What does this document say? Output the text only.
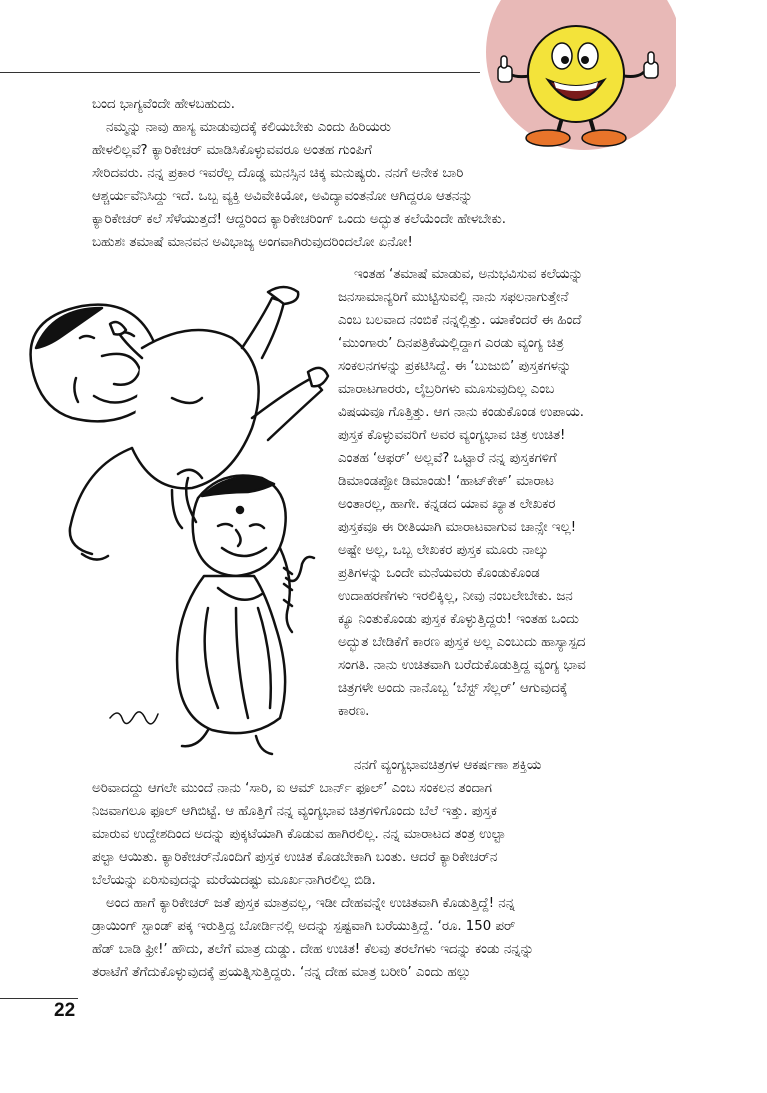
ಬಂದ ಭಾಗ್ಯವೆಂದೇ ಹೇಳಬಹುದು.
ನಮ್ಮನ್ನು ನಾವು ಹಾಸ್ಯ ಮಾಡುವುದಕ್ಕೆ ಕಲಿಯಬೇಕು ಎಂದು ಹಿರಿಯರು
ಹೇಳಲಿಲ್ಲವೆ? ಕ್ಯಾರಿಕೇಚರ್ ಮಾಡಿಸಿಕೊಳ್ಳುವವರೂ ಅಂತಹ ಗುಂಪಿಗೆ
ಸೇರಿದವರು. ನನ್ನ ಪ್ರಕಾರ ಇವರೆಲ್ಲ ದೊಡ್ಡ ಮನಸ್ಸಿನ ಚಿಕ್ಕ ಮನುಷ್ಯರು. ನನಗೆ ಅನೇಕ ಬಾರಿ
ಆಶ್ಚರ್ಯವೆನಿಸಿದ್ದು ಇದೆ. ಒಬ್ಬ ವ್ಯಕ್ತಿ ಅವಿವೇಕಿಯೋ, ಅವಿದ್ಯಾವಂತನೋ ಆಗಿದ್ದರೂ ಆತನನ್ನು
ಕ್ಯಾರಿಕೇಚರ್ ಕಲೆ ಸೆಳೆಯುತ್ತದೆ! ಆದ್ದರಿಂದ ಕ್ಯಾರಿಕೇಚರಿಂಗ್ ಒಂದು ಅದ್ಭುತ ಕಲೆಯೆಂದೇ ಹೇಳಬೇಕು.
ಬಹುಶಃ ತಮಾಷೆ ಮಾನವನ ಅವಿಭಾಜ್ಯ ಅಂಗವಾಗಿರುವುದರಿಂದಲೋ ಏನೋ!
ಇಂತಹ ‘ತಮಾಷೆ ಮಾಡುವ, ಅನುಭವಿಸುವ ಕಲೆಯನ್ನು
ಜನಸಾಮಾನ್ಯರಿಗೆ ಮುಟ್ಟಿಸುವಲ್ಲಿ ನಾನು ಸಫಲನಾಗುತ್ತೇನೆ
ಎಂಬ ಬಲವಾದ ನಂಬಿಕೆ ನನ್ನಲ್ಲಿತ್ತು. ಯಾಕೆಂದರೆ ಈ ಹಿಂದೆ
‘ಮುಂಗಾರು’ ದಿನಪತ್ರಿಕೆಯಲ್ಲಿದ್ದಾಗ ಎರಡು ವ್ಯಂಗ್ಯ ಚಿತ್ರ
ಸಂಕಲನಗಳನ್ನು ಪ್ರಕಟಿಸಿದ್ದೆ. ಈ ‘ಬುಜುಬಿ’ ಪುಸ್ತಕಗಳನ್ನು
ಮಾರಾಟಗಾರರು, ಲೈಬ್ರರಿಗಳು ಮೂಸುವುದಿಲ್ಲ ಎಂಬ
ವಿಷಯವೂ ಗೊತ್ತಿತ್ತು. ಆಗ ನಾನು ಕಂಡುಕೊಂಡ ಉಪಾಯ.
ಪುಸ್ತಕ ಕೊಳ್ಳುವವರಿಗೆ ಅವರ ವ್ಯಂಗ್ಯಭಾವ ಚಿತ್ರ ಉಚಿತ!
ಎಂತಹ ‘ಆಫರ್’ ಅಲ್ಲವೆ? ಒಟ್ಟಾರೆ ನನ್ನ ಪುಸ್ತಕಗಳಿಗೆ
ಡಿಮಾಂಡಪ್ಪೋ ಡಿಮಾಂಡು! ‘ಹಾಟ್‌ಕೇಕ್’ ಮಾರಾಟ
ಅಂತಾರಲ್ಲ, ಹಾಗೇ. ಕನ್ನಡದ ಯಾವ ಖ್ಯಾತ ಲೇಖಕರ
ಪುಸ್ತಕವೂ ಈ ರೀತಿಯಾಗಿ ಮಾರಾಟವಾಗುವ ಚಾನ್ಸೇ ಇಲ್ಲ!
ಅಷ್ಟೇ ಅಲ್ಲ, ಒಬ್ಬ ಲೇಖಕರ ಪುಸ್ತಕ ಮೂರು ನಾಲ್ಕು
ಪ್ರತಿಗಳನ್ನು ಒಂದೇ ಮನೆಯವರು ಕೊಂಡುಕೊಂಡ
ಉದಾಹರಣೆಗಳು ಇರಲಿಕ್ಕಿಲ್ಲ, ನೀವು ನಂಬಲೇಬೇಕು. ಜನ
ಕ್ಯೂ ನಿಂತುಕೊಂಡು ಪುಸ್ತಕ ಕೊಳ್ಳುತ್ತಿದ್ದರು! ಇಂತಹ ಒಂದು
ಅದ್ಭುತ ಬೇಡಿಕೆಗೆ ಕಾರಣ ಪುಸ್ತಕ ಅಲ್ಲ ಎಂಬುದು ಹಾಸ್ಯಾಸ್ಪದ
ಸಂಗತಿ. ನಾನು ಉಚಿತವಾಗಿ ಬರೆದುಕೊಡುತ್ತಿದ್ದ ವ್ಯಂಗ್ಯ ಭಾವ
ಚಿತ್ರಗಳೇ ಅಂದು ನಾನೊಬ್ಬ ‘ಬೆಸ್ಟ್ ಸೆಲ್ಲರ್’ ಆಗುವುದಕ್ಕೆ
ಕಾರಣ.
ನನಗೆ ವ್ಯಂಗ್ಯಭಾವಚಿತ್ರಗಳ ಆಕರ್ಷಣಾ ಶಕ್ತಿಯ
ಅರಿವಾದದ್ದು ಆಗಲೇ ಮುಂದೆ ನಾನು ‘ಸಾರಿ, ಐ ಆಮ್ ಬಾರ್ನ್ ಫೂಲ್’ ಎಂಬ ಸಂಕಲನ ತಂದಾಗ
ನಿಜವಾಗಲೂ ಫೂಲ್ ಆಗಿಬಿಟ್ಟೆ. ಆ ಹೊತ್ತಿಗೆ ನನ್ನ ವ್ಯಂಗ್ಯಭಾವ ಚಿತ್ರಗಳಿಗೊಂದು ಬೆಲೆ ಇತ್ತು. ಪುಸ್ತಕ
ಮಾರುವ ಉದ್ದೇಶದಿಂದ ಅದನ್ನು ಪುಕ್ಕಟೆಯಾಗಿ ಕೊಡುವ ಹಾಗಿರಲಿಲ್ಲ. ನನ್ನ ಮಾರಾಟದ ತಂತ್ರ ಉಲ್ಟಾ
ಪಲ್ಟಾ ಆಯಿತು. ಕ್ಯಾರಿಕೇಚರ್‌ನೊಂದಿಗೆ ಪುಸ್ತಕ ಉಚಿತ ಕೊಡಬೇಕಾಗಿ ಬಂತು. ಆದರೆ ಕ್ಯಾರಿಕೇಚರ್‌ನ
ಬೆಲೆಯನ್ನು ಏರಿಸುವುದನ್ನು ಮರೆಯದಷ್ಟು ಮೂರ್ಖನಾಗಿರಲಿಲ್ಲ ಬಿಡಿ.
ಅಂದ ಹಾಗೆ ಕ್ಯಾರಿಕೇಚರ್ ಜತೆ ಪುಸ್ತಕ ಮಾತ್ರವಲ್ಲ, ಇಡೀ ದೇಹವನ್ನೇ ಉಚಿತವಾಗಿ ಕೊಡುತ್ತಿದ್ದೆ! ನನ್ನ
ಡ್ರಾಯಿಂಗ್ ಸ್ಟಾಂಡ್ ಪಕ್ಕ ಇರುತ್ತಿದ್ದ ಬೋರ್ಡಿನಲ್ಲಿ ಅದನ್ನು ಸ್ಪಷ್ಟವಾಗಿ ಬರೆಯುತ್ತಿದ್ದೆ. ‘ರೂ. 150 ಪರ್
ಹೆಡ್ ಬಾಡಿ ಫ್ರೀ!’ ಹೌದು, ತಲೆಗೆ ಮಾತ್ರ ದುಡ್ಡು. ದೇಹ ಉಚಿತ! ಕೆಲವು ತರಲೆಗಳು ಇದನ್ನು ಕಂಡು ನನ್ನನ್ನು
ತರಾಟೆಗೆ ತೆಗೆದುಕೊಳ್ಳುವುದಕ್ಕೆ ಪ್ರಯತ್ನಿಸುತ್ತಿದ್ದರು. ‘ನನ್ನ ದೇಹ ಮಾತ್ರ ಬರೀರಿ’ ಎಂದು ಹಲ್ಲು
22
